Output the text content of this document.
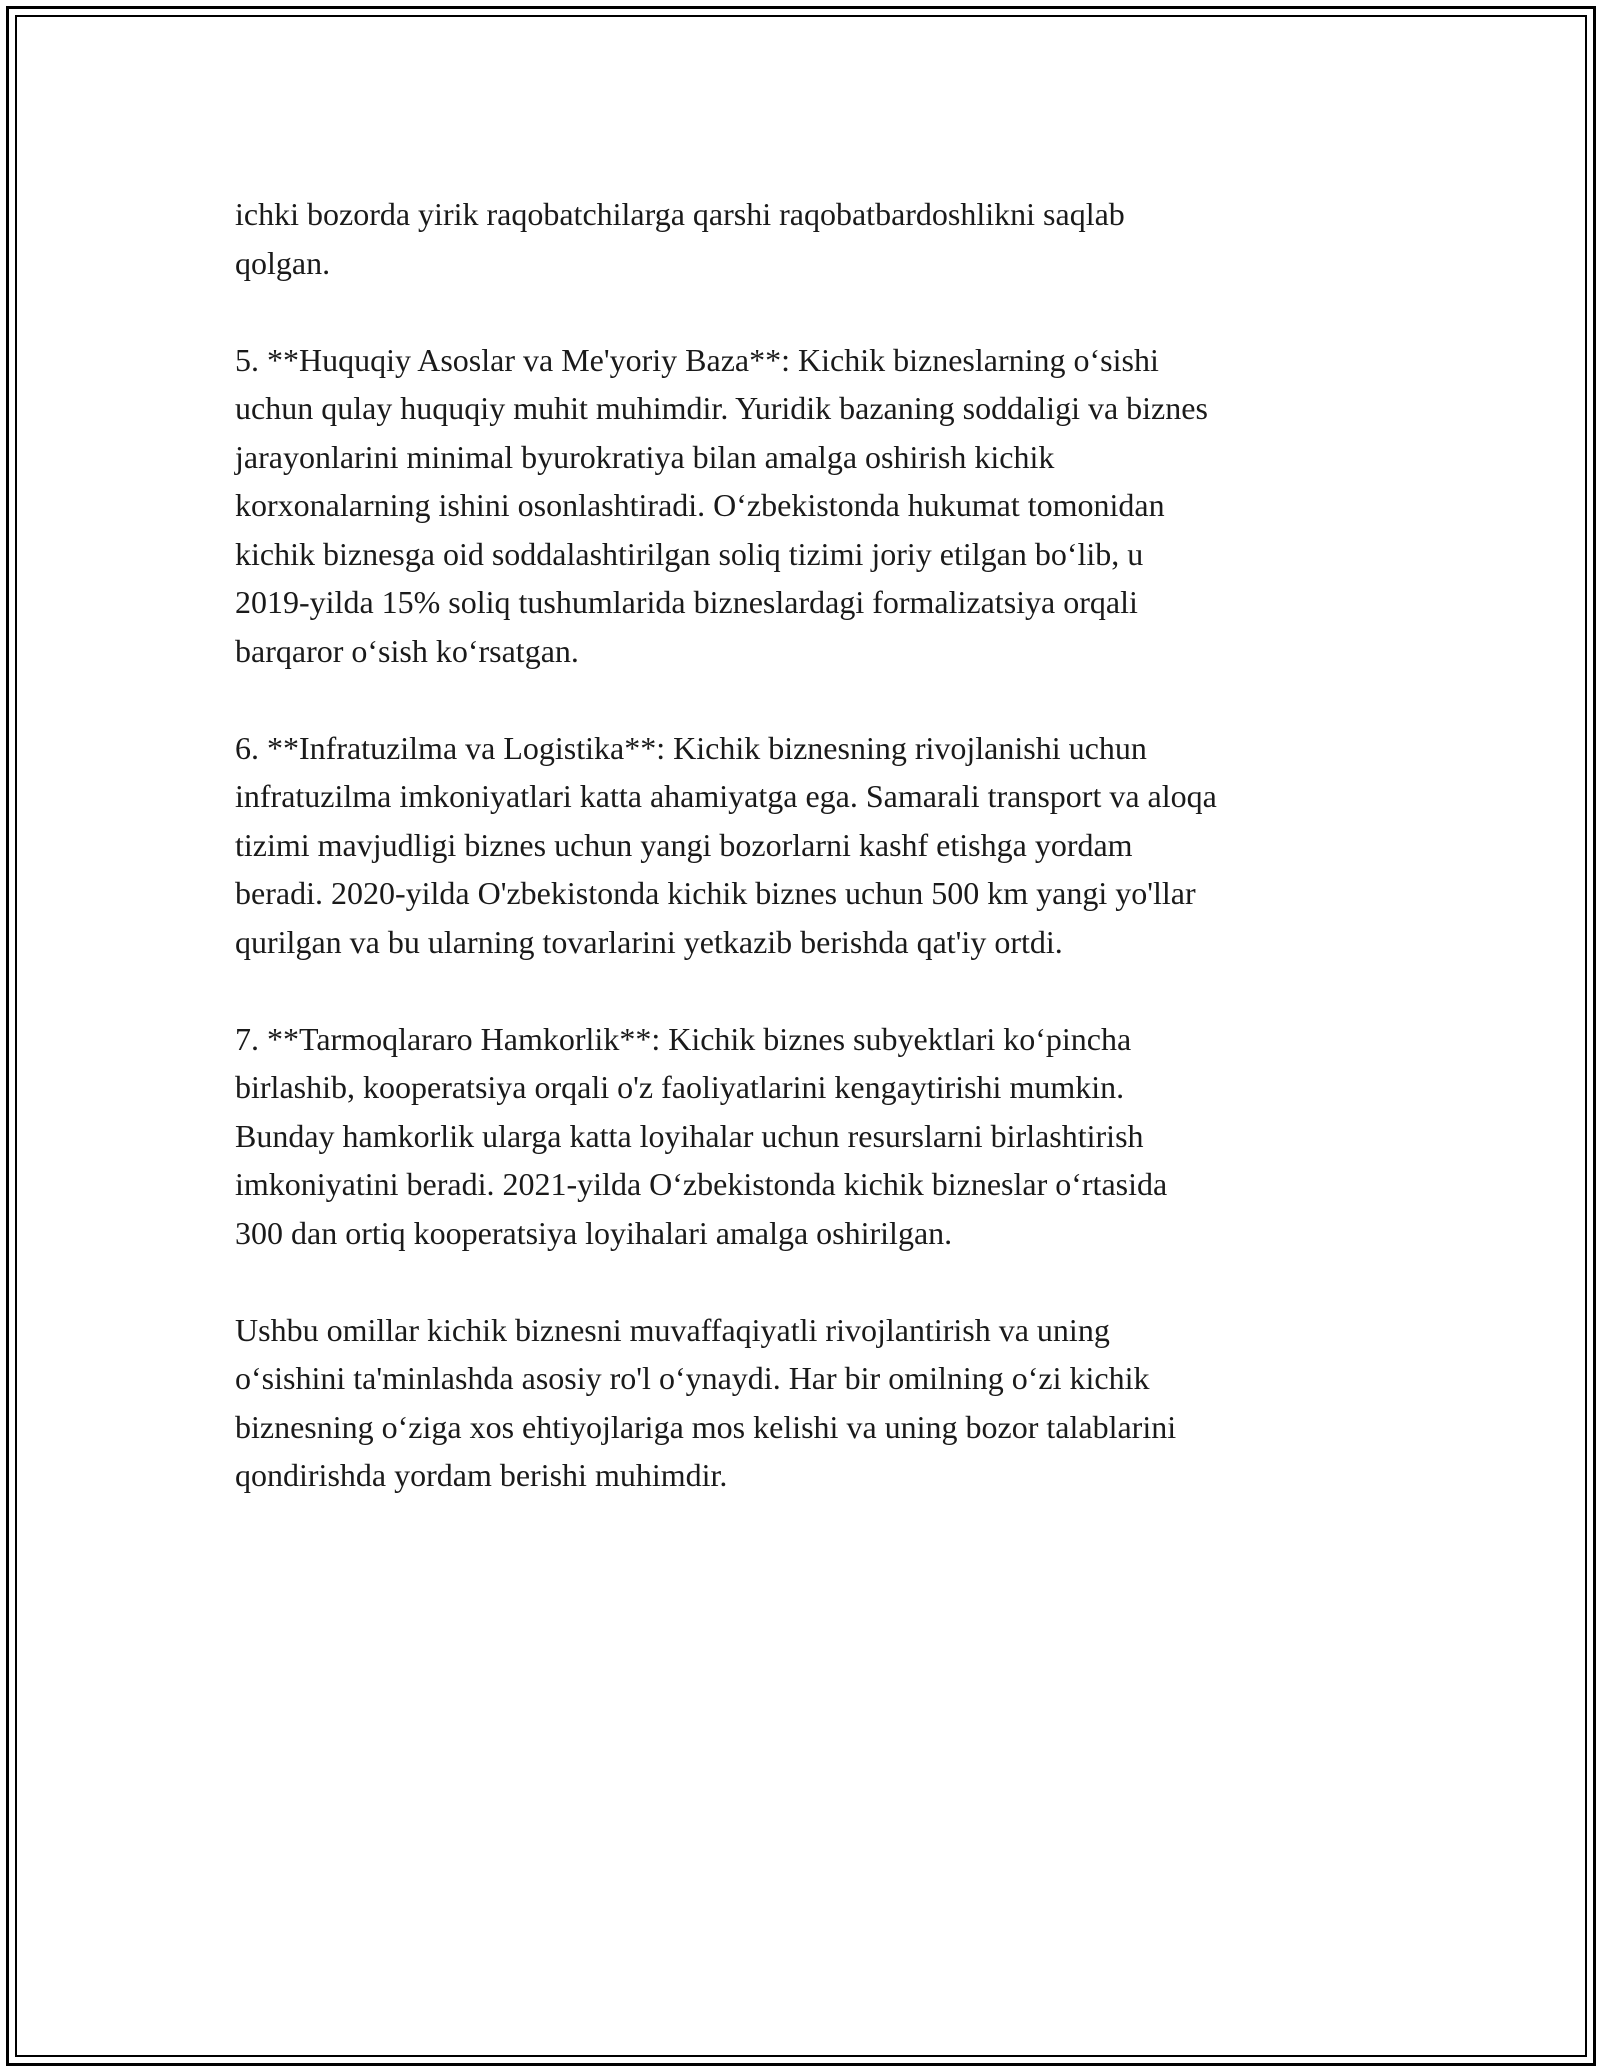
ichki bozorda yirik raqobatchilarga qarshi raqobatbardoshlikni saqlab
qolgan.

5. **Huquqiy Asoslar va Me'yoriy Baza**: Kichik bizneslarning oʻsishi
uchun qulay huquqiy muhit muhimdir. Yuridik bazaning soddaligi va biznes
jarayonlarini minimal byurokratiya bilan amalga oshirish kichik
korxonalarning ishini osonlashtiradi. Oʻzbekistonda hukumat tomonidan
kichik biznesga oid soddalashtirilgan soliq tizimi joriy etilgan boʻlib, u
2019-yilda 15% soliq tushumlarida bizneslardagi formalizatsiya orqali
barqaror oʻsish koʻrsatgan.

6. **Infratuzilma va Logistika**: Kichik biznesning rivojlanishi uchun
infratuzilma imkoniyatlari katta ahamiyatga ega. Samarali transport va aloqa
tizimi mavjudligi biznes uchun yangi bozorlarni kashf etishga yordam
beradi. 2020-yilda O'zbekistonda kichik biznes uchun 500 km yangi yo'llar
qurilgan va bu ularning tovarlarini yetkazib berishda qat'iy ortdi.

7. **Tarmoqlararo Hamkorlik**: Kichik biznes subyektlari koʻpincha
birlashib, kooperatsiya orqali o'z faoliyatlarini kengaytirishi mumkin.
Bunday hamkorlik ularga katta loyihalar uchun resurslarni birlashtirish
imkoniyatini beradi. 2021-yilda Oʻzbekistonda kichik bizneslar oʻrtasida
300 dan ortiq kooperatsiya loyihalari amalga oshirilgan.

Ushbu omillar kichik biznesni muvaffaqiyatli rivojlantirish va uning
oʻsishini ta'minlashda asosiy ro'l oʻynaydi. Har bir omilning oʻzi kichik
biznesning oʻziga xos ehtiyojlariga mos kelishi va uning bozor talablarini
qondirishda yordam berishi muhimdir.
